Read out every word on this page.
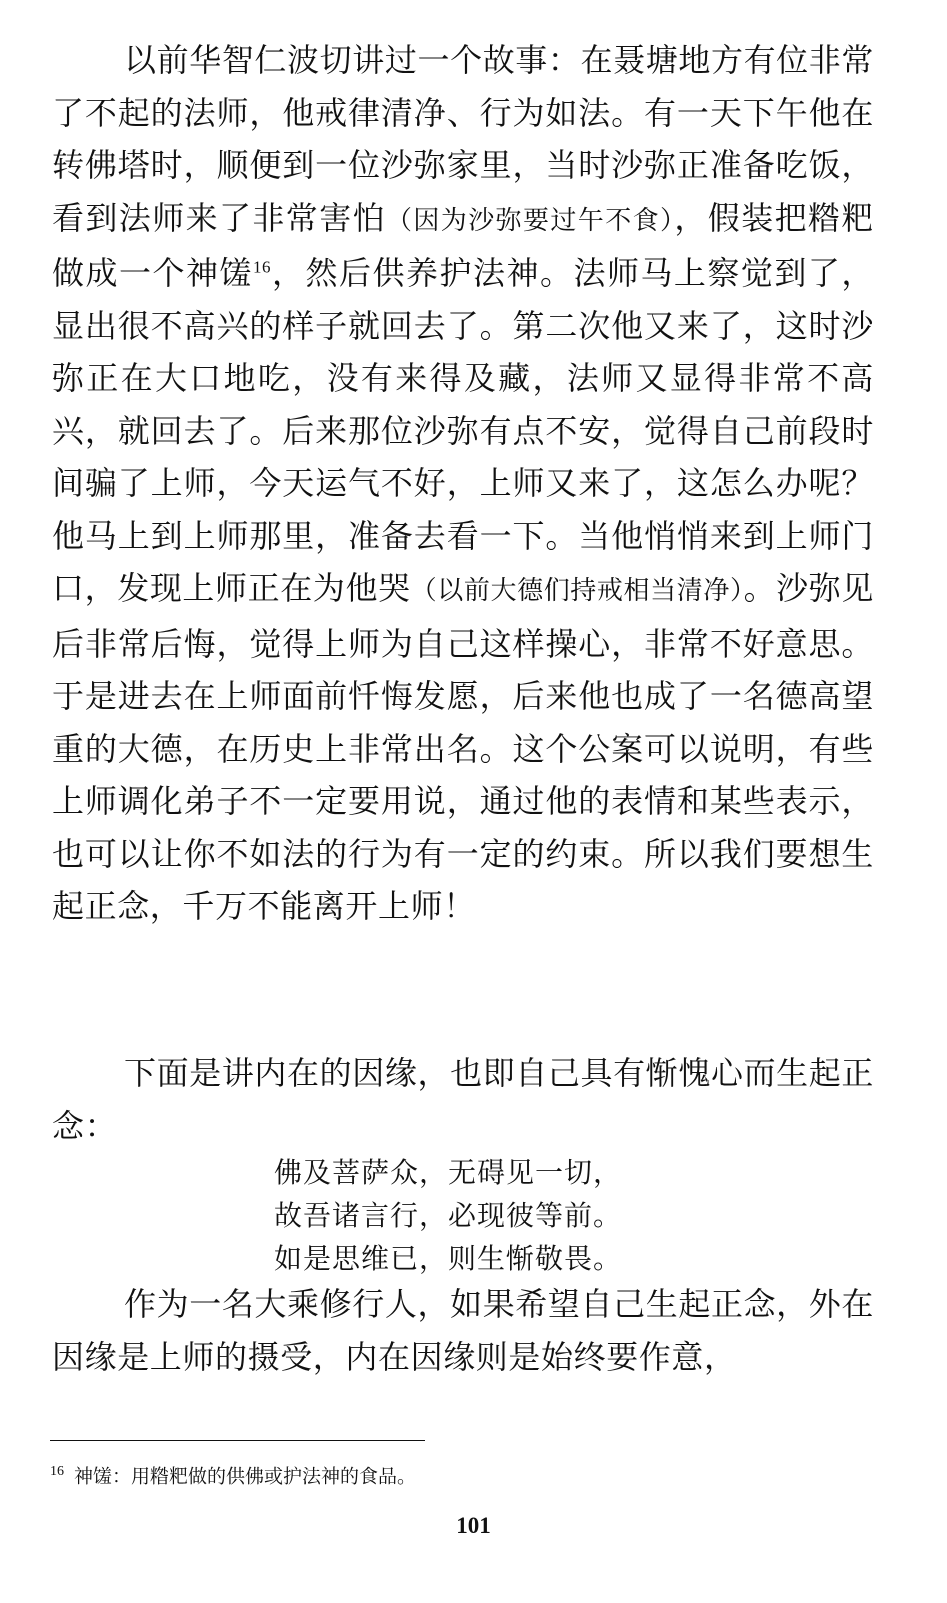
以前华智仁波切讲过一个故事：在聂塘地方有位非常了不起的法师，他戒律清净、行为如法。有一天下午他在转佛塔时，顺便到一位沙弥家里，当时沙弥正准备吃饭，看到法师来了非常害怕（因为沙弥要过午不食），假装把糌粑做成一个神馐$^{16}$，然后供养护法神。法师马上察觉到了，显出很不高兴的样子就回去了。第二次他又来了，这时沙弥正在大口地吃，没有来得及藏，法师又显得非常不高兴，就回去了。后来那位沙弥有点不安，觉得自己前段时间骗了上师，今天运气不好，上师又来了，这怎么办呢？他马上到上师那里，准备去看一下。当他悄悄来到上师门口，发现上师正在为他哭（以前大德们持戒相当清净）。沙弥见后非常后悔，觉得上师为自己这样操心，非常不好意思。于是进去在上师面前忏悔发愿，后来他也成了一名德高望重的大德，在历史上非常出名。这个公案可以说明，有些上师调化弟子不一定要用说，通过他的表情和某些表示，也可以让你不如法的行为有一定的约束。所以我们要想生起正念，千万不能离开上师！

下面是讲内在的因缘，也即自己具有惭愧心而生起正念：

佛及菩萨众，无碍见一切，
故吾诸言行，必现彼等前。
如是思维已，则生惭敬畏。

作为一名大乘修行人，如果希望自己生起正念，外在因缘是上师的摄受，内在因缘则是始终要作意，

$^{16}$ 神馐：用糌粑做的供佛或护法神的食品。
101
